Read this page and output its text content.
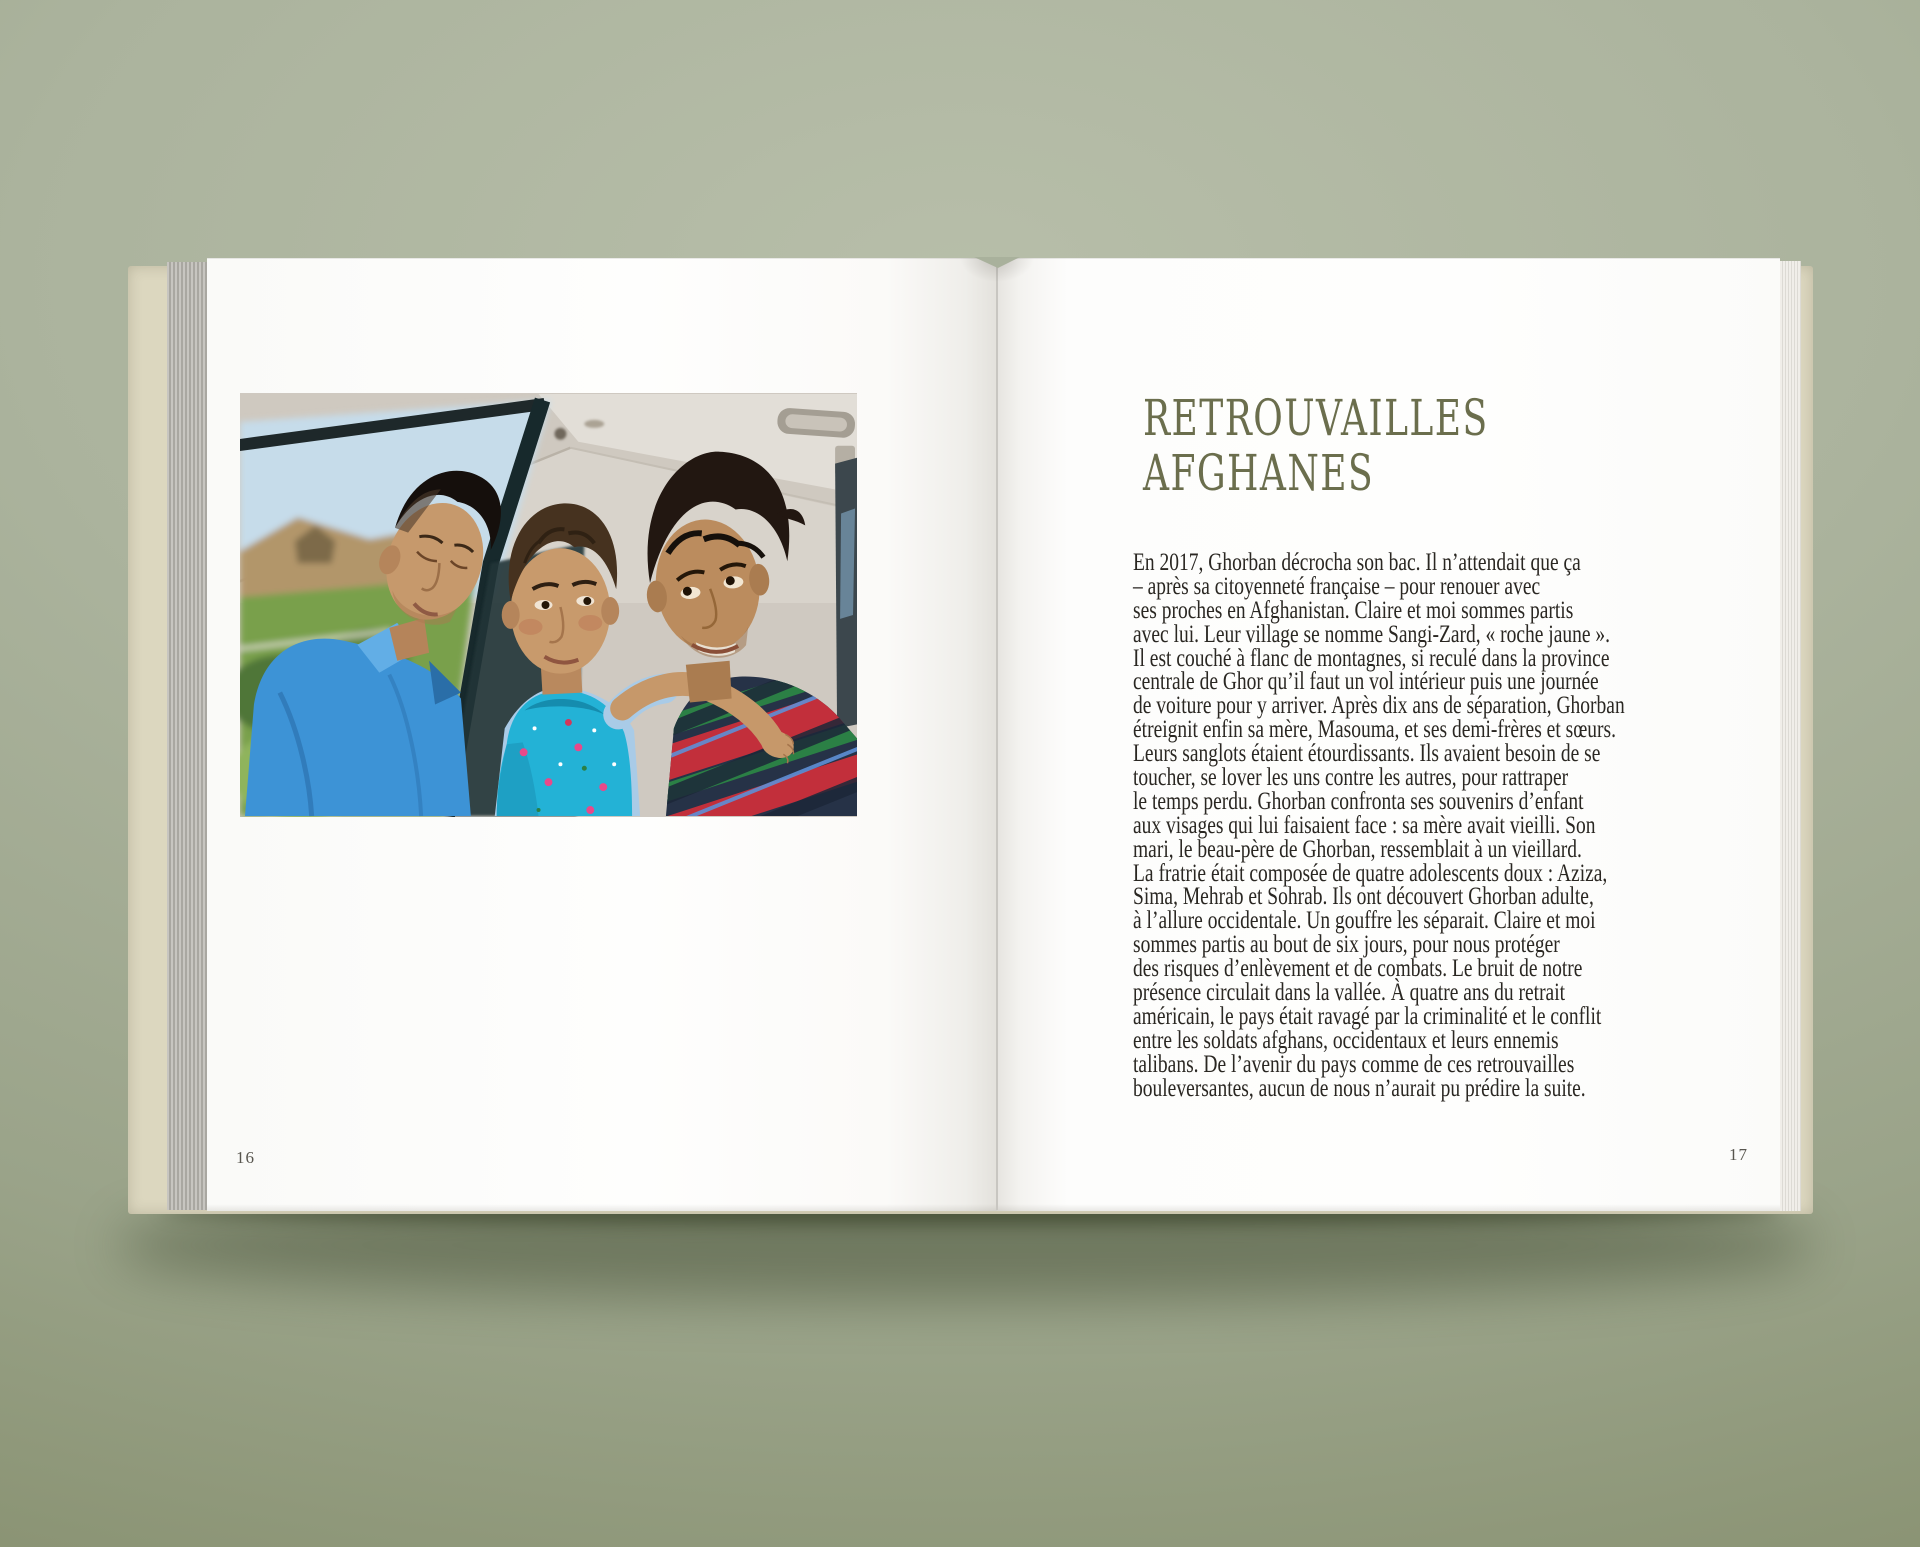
16	17
RETROUVAILLES
AFGHANES
En 2017, Ghorban décrocha son bac. Il n’attendait que ça
– après sa citoyenneté française – pour renouer avec
ses proches en Afghanistan. Claire et moi sommes partis
avec lui. Leur village se nomme Sangi-Zard, « roche jaune ».
Il est couché à flanc de montagnes, si reculé dans la province
centrale de Ghor qu’il faut un vol intérieur puis une journée
de voiture pour y arriver. Après dix ans de séparation, Ghorban
étreignit enfin sa mère, Masouma, et ses demi-frères et sœurs.
Leurs sanglots étaient étourdissants. Ils avaient besoin de se
toucher, se lover les uns contre les autres, pour rattraper
le temps perdu. Ghorban confronta ses souvenirs d’enfant
aux visages qui lui faisaient face : sa mère avait vieilli. Son
mari, le beau-père de Ghorban, ressemblait à un vieillard.
La fratrie était composée de quatre adolescents doux : Aziza,
Sima, Mehrab et Sohrab. Ils ont découvert Ghorban adulte,
à l’allure occidentale. Un gouffre les séparait. Claire et moi
sommes partis au bout de six jours, pour nous protéger
des risques d’enlèvement et de combats. Le bruit de notre
présence circulait dans la vallée. À quatre ans du retrait
américain, le pays était ravagé par la criminalité et le conflit
entre les soldats afghans, occidentaux et leurs ennemis
talibans. De l’avenir du pays comme de ces retrouvailles
bouleversantes, aucun de nous n’aurait pu prédire la suite.
